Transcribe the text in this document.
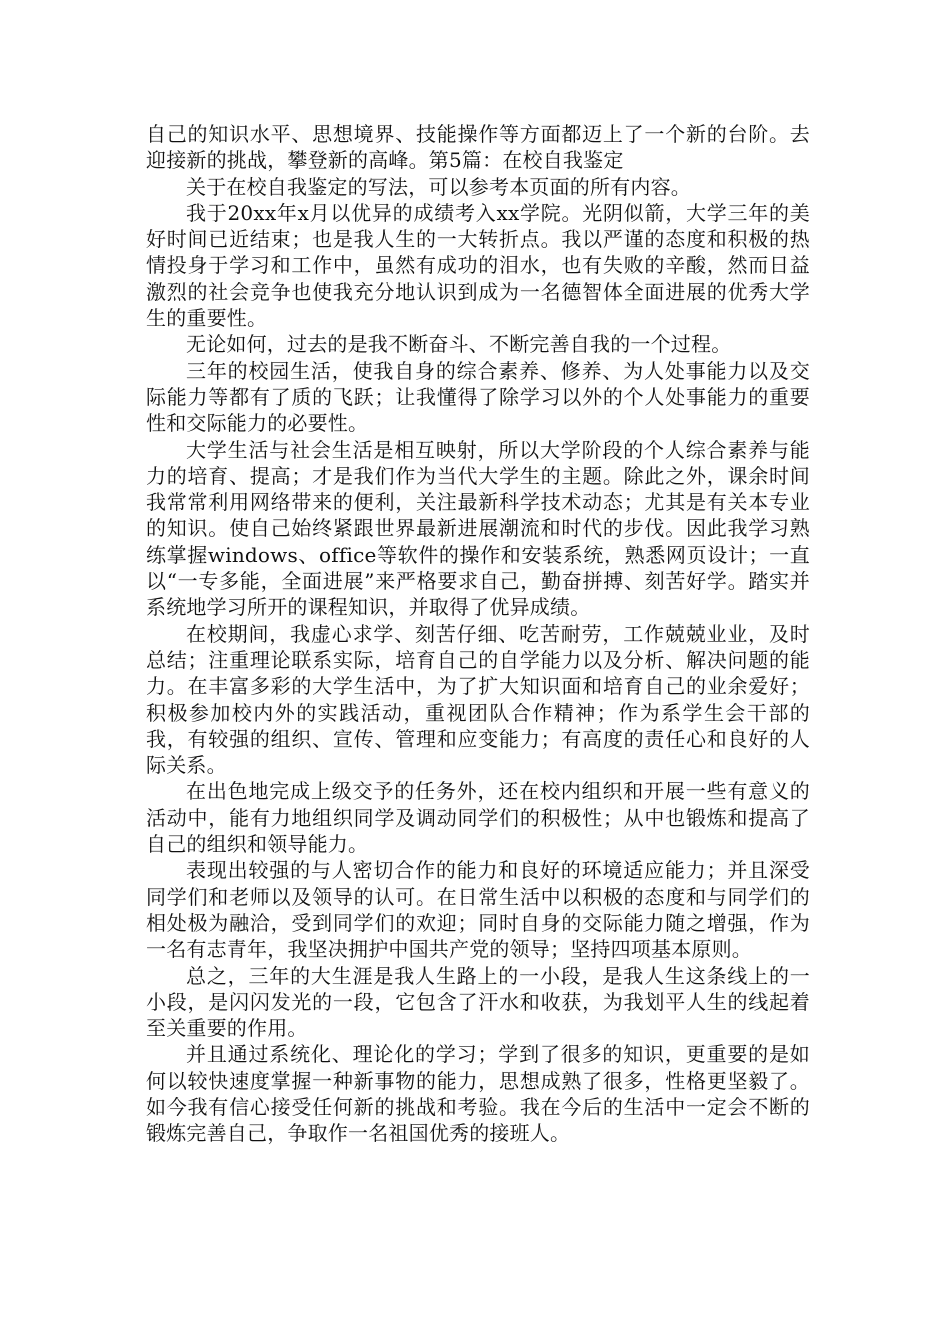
自己的知识水平、思想境界、技能操作等方面都迈上了一个新的台阶。去迎接新的挑战，攀登新的高峰。第5篇：在校自我鉴定

关于在校自我鉴定的写法，可以参考本页面的所有内容。

我于20xx年x月以优异的成绩考入xx学院。光阴似箭，大学三年的美好时间已近结束；也是我人生的一大转折点。我以严谨的态度和积极的热情投身于学习和工作中，虽然有成功的泪水，也有失败的辛酸，然而日益激烈的社会竞争也使我充分地认识到成为一名德智体全面进展的优秀大学生的重要性。

无论如何，过去的是我不断奋斗、不断完善自我的一个过程。

三年的校园生活，使我自身的综合素养、修养、为人处事能力以及交际能力等都有了质的飞跃；让我懂得了除学习以外的个人处事能力的重要性和交际能力的必要性。

大学生活与社会生活是相互映射，所以大学阶段的个人综合素养与能力的培育、提高；才是我们作为当代大学生的主题。除此之外，课余时间我常常利用网络带来的便利，关注最新科学技术动态；尤其是有关本专业的知识。使自己始终紧跟世界最新进展潮流和时代的步伐。因此我学习熟练掌握windows、office等软件的操作和安装系统，熟悉网页设计；一直以“一专多能，全面进展”来严格要求自己，勤奋拼搏、刻苦好学。踏实并系统地学习所开的课程知识，并取得了优异成绩。

在校期间，我虚心求学、刻苦仔细、吃苦耐劳，工作兢兢业业，及时总结；注重理论联系实际，培育自己的自学能力以及分析、解决问题的能力。在丰富多彩的大学生活中，为了扩大知识面和培育自己的业余爱好；积极参加校内外的实践活动，重视团队合作精神；作为系学生会干部的我，有较强的组织、宣传、管理和应变能力；有高度的责任心和良好的人际关系。

在出色地完成上级交予的任务外，还在校内组织和开展一些有意义的活动中，能有力地组织同学及调动同学们的积极性；从中也锻炼和提高了自己的组织和领导能力。

表现出较强的与人密切合作的能力和良好的环境适应能力；并且深受同学们和老师以及领导的认可。在日常生活中以积极的态度和与同学们的相处极为融洽，受到同学们的欢迎；同时自身的交际能力随之增强，作为一名有志青年，我坚决拥护中国共产党的领导；坚持四项基本原则。

总之，三年的大生涯是我人生路上的一小段，是我人生这条线上的一小段，是闪闪发光的一段，它包含了汗水和收获，为我划平人生的线起着至关重要的作用。

并且通过系统化、理论化的学习；学到了很多的知识，更重要的是如何以较快速度掌握一种新事物的能力，思想成熟了很多，性格更坚毅了。如今我有信心接受任何新的挑战和考验。我在今后的生活中一定会不断的锻炼完善自己，争取作一名祖国优秀的接班人。
